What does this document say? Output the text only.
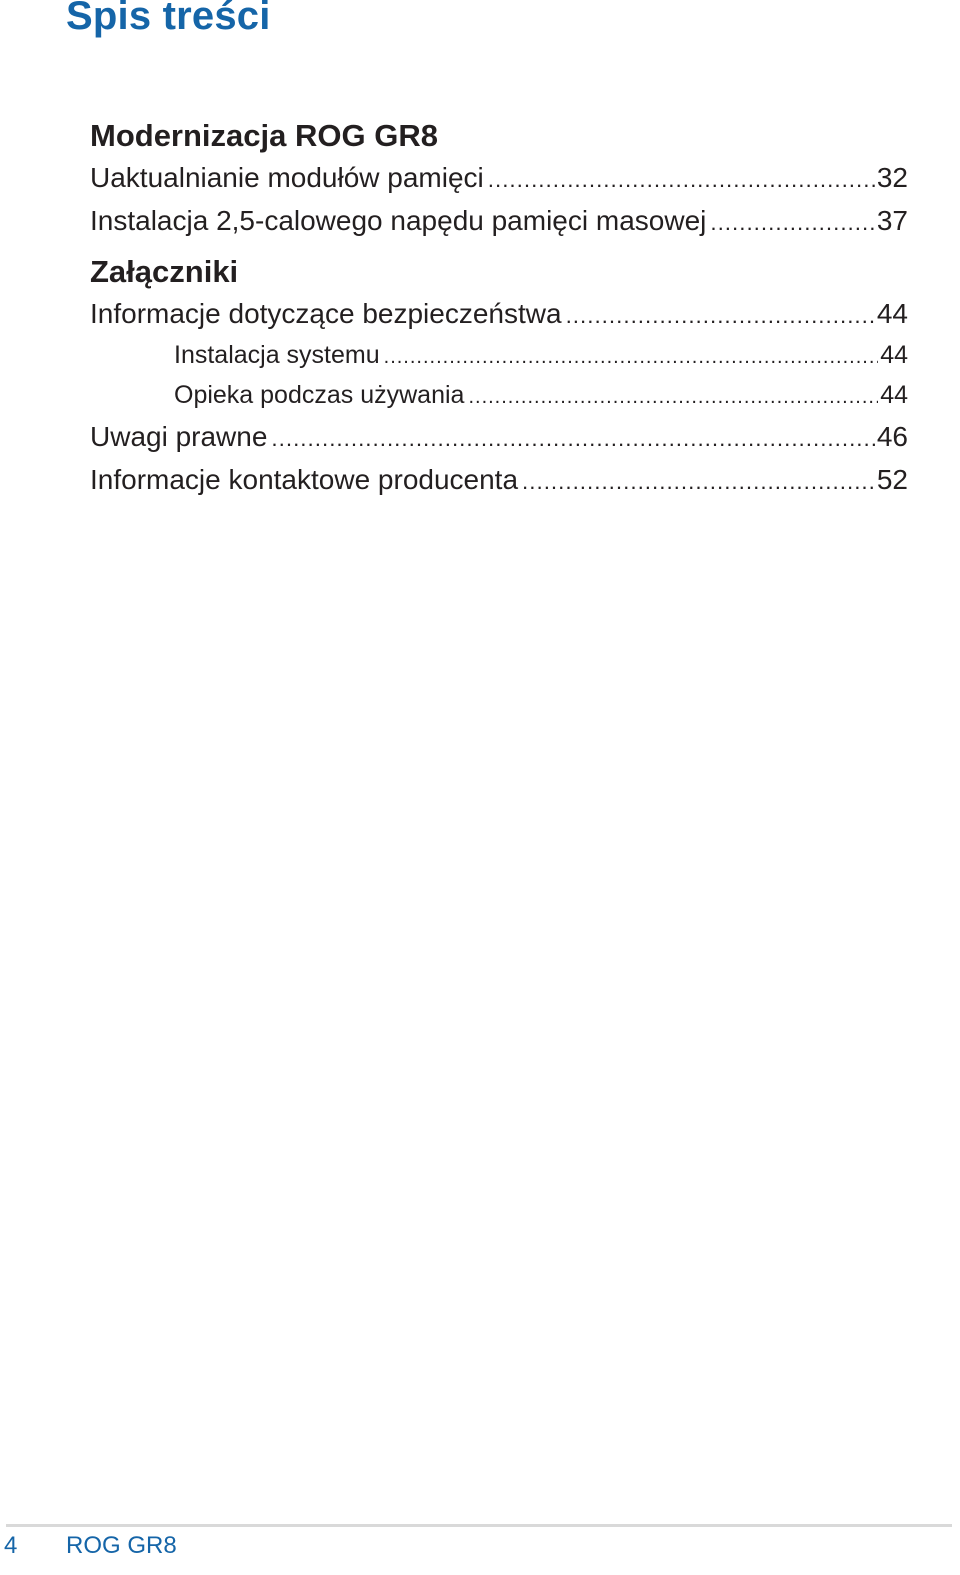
Spis treści
Modernizacja ROG GR8
Uaktualnianie modułów pamięci .....	32
Instalacja 2,5-calowego napędu pamięci masowej .....	37
Załączniki
Informacje dotyczące bezpieczeństwa .....	44
Instalacja systemu .....	44
Opieka podczas używania .....	44
Uwagi prawne .....	46
Informacje kontaktowe producenta .....	52
4 ROG GR8
